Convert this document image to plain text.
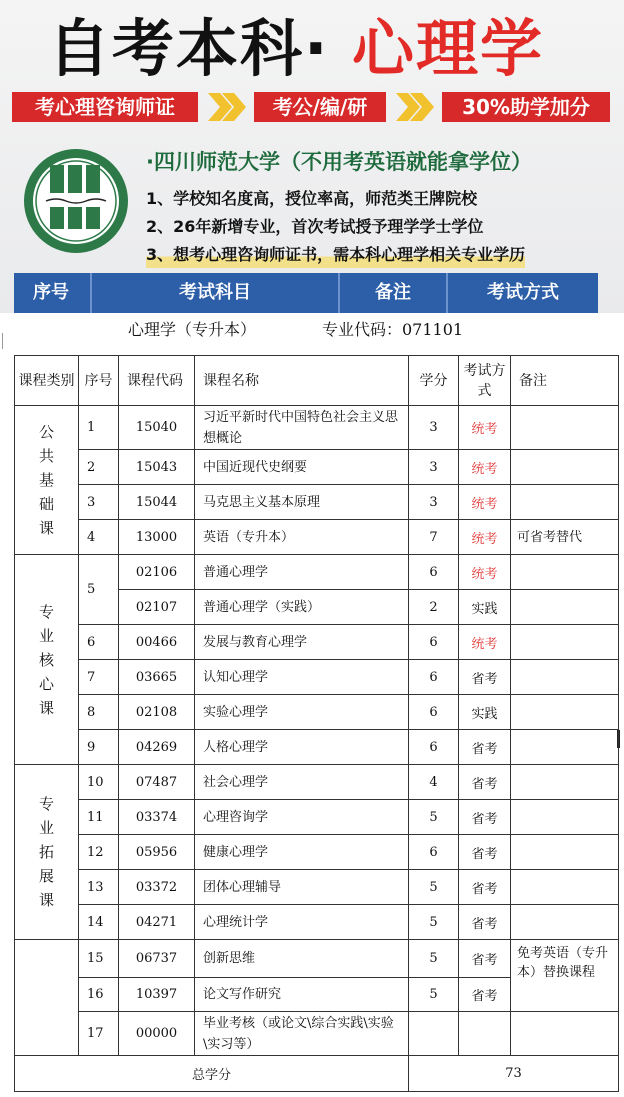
自考本科· 心理学
考心理咨询师证	考公/编/研	30%助学加分
·四川师范大学（不用考英语就能拿学位）
1、学校知名度高，授位率高，师范类王牌院校
2、26年新增专业，首次考试授予理学学士学位
3、想考心理咨询师证书，需本科心理学相关专业学历
序号	考试科目	备注	考试方式
心理学（专升本）	专业代码：071101
课程类别	序号	课程代码	课程名称	学分	考试方式	备注
公共基础课	1	15040	习近平新时代中国特色社会主义思想概论	3	统考	
	2	15043	中国近现代史纲要	3	统考	
	3	15044	马克思主义基本原理	3	统考	
	4	13000	英语（专升本）	7	统考	可省考替代
专业核心课	5	02106	普通心理学	6	统考	
		02107	普通心理学（实践）	2	实践	
	6	00466	发展与教育心理学	6	统考	
	7	03665	认知心理学	6	省考	
	8	02108	实验心理学	6	实践	
	9	04269	人格心理学	6	省考	
专业拓展课	10	07487	社会心理学	4	省考	
	11	03374	心理咨询学	5	省考	
	12	05956	健康心理学	6	省考	
	13	03372	团体心理辅导	5	省考	
	14	04271	心理统计学	5	省考	
	15	06737	创新思维	5	省考	免考英语（专升本）替换课程
	16	10397	论文写作研究	5	省考	
	17	00000	毕业考核（或论文\综合实践\实验\实习等）			
总学分				73		
